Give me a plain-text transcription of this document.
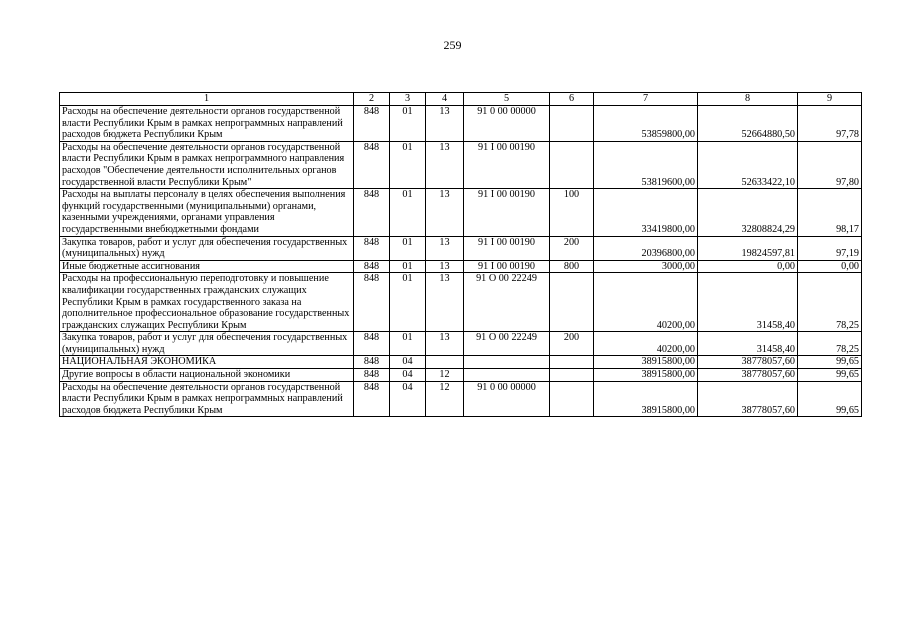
259
1	2	3	4	5	6	7	8	9
Расходы на обеспечение деятельности органов государственной власти Республики Крым в рамках непрограммных направлений расходов бюджета Республики Крым	848	01	13	91 0 00 00000		53859800,00	52664880,50	97,78
Расходы на обеспечение деятельности органов государственной власти Республики Крым в рамках непрограммного направления расходов "Обеспечение деятельности исполнительных органов государственной власти Республики Крым"	848	01	13	91 I 00 00190		53819600,00	52633422,10	97,80
Расходы на выплаты персоналу в целях обеспечения выполнения функций государственными (муниципальными) органами, казенными учреждениями, органами управления государственными внебюджетными фондами	848	01	13	91 I 00 00190	100	33419800,00	32808824,29	98,17
Закупка товаров, работ и услуг для обеспечения государственных (муниципальных) нужд	848	01	13	91 I 00 00190	200	20396800,00	19824597,81	97,19
Иные бюджетные ассигнования	848	01	13	91 I 00 00190	800	3000,00	0,00	0,00
Расходы на профессиональную переподготовку и повышение квалификации государственных гражданских служащих Республики Крым в рамках государственного заказа на дополнительное профессиональное образование государственных гражданских служащих Республики Крым	848	01	13	91 О 00 22249		40200,00	31458,40	78,25
Закупка товаров, работ и услуг для обеспечения государственных (муниципальных) нужд	848	01	13	91 О 00 22249	200	40200,00	31458,40	78,25
НАЦИОНАЛЬНАЯ ЭКОНОМИКА	848	04				38915800,00	38778057,60	99,65
Другие вопросы в области национальной экономики	848	04	12			38915800,00	38778057,60	99,65
Расходы на обеспечение деятельности органов государственной власти Республики Крым в рамках непрограммных направлений расходов бюджета Республики Крым	848	04	12	91 0 00 00000		38915800,00	38778057,60	99,65
